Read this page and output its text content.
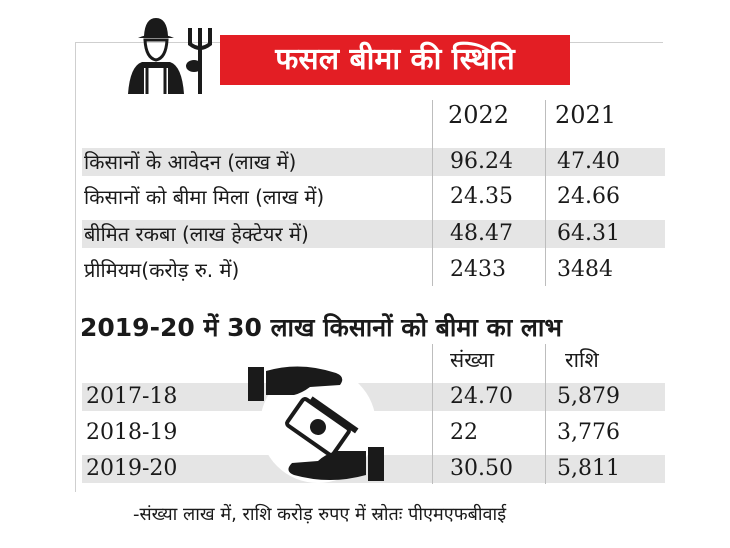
फसल बीमा की स्थिति
2022 2021
किसानों के आवेदन (लाख में)	96.24 47.40
किसानों को बीमा मिला (लाख में)	24.35 24.66
बीमित रकबा (लाख हेक्टेयर में)	48.47 64.31
प्रीमियम(करोड़ रु. में)	2433 3484
2019-20 में 30 लाख किसानों को बीमा का लाभ
संख्या	राशि
2017-18	24.70 5,879
2018-19	22	3,776
2019-20	30.50 5,811
-संख्या लाख में, राशि करोड़ रुपए में स्रोतः पीएमएफबीवाई
